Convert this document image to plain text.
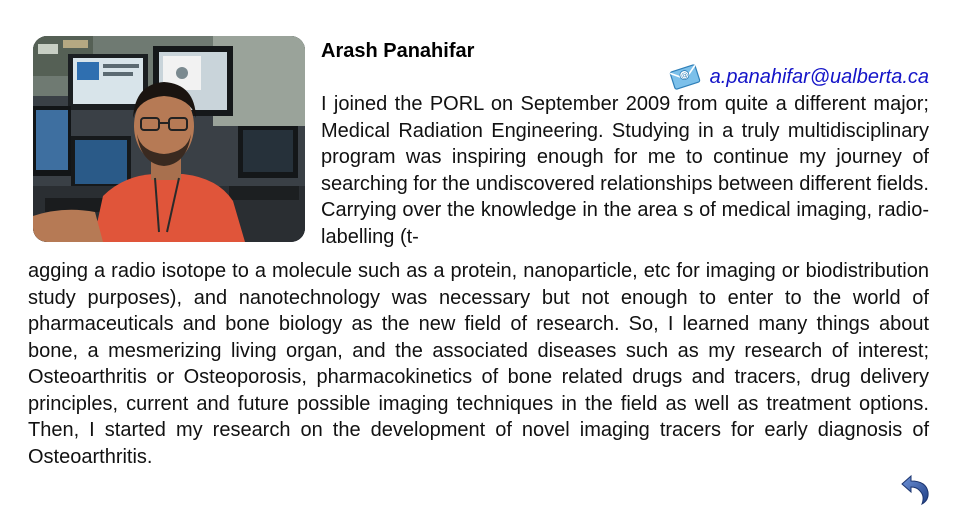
Arash Panahifar
@ a.panahifar@ualberta.ca

I joined the PORL on September 2009 from quite a different major; Medical Radiation Engineering. Studying in a truly multidisciplinary program was inspiring enough for me to continue my journey of searching for the undiscovered relationships between different fields. Carrying over the knowledge in the area s of medical imaging, radio-labelling (t-

agging a radio isotope to a molecule such as a protein, nanoparticle, etc for imaging or biodistribution study purposes), and nanotechnology was necessary but not enough to enter to the world of pharmaceuticals and bone biology as the new field of research. So, I learned many things about bone, a mesmerizing living organ, and the associated diseases such as my research of interest; Osteoarthritis or Osteoporosis, pharmacokinetics of bone related drugs and tracers, drug delivery principles, current and future possible imaging techniques in the field as well as treatment options. Then, I started my research on the development of novel imaging tracers for early diagnosis of Osteoarthritis.
